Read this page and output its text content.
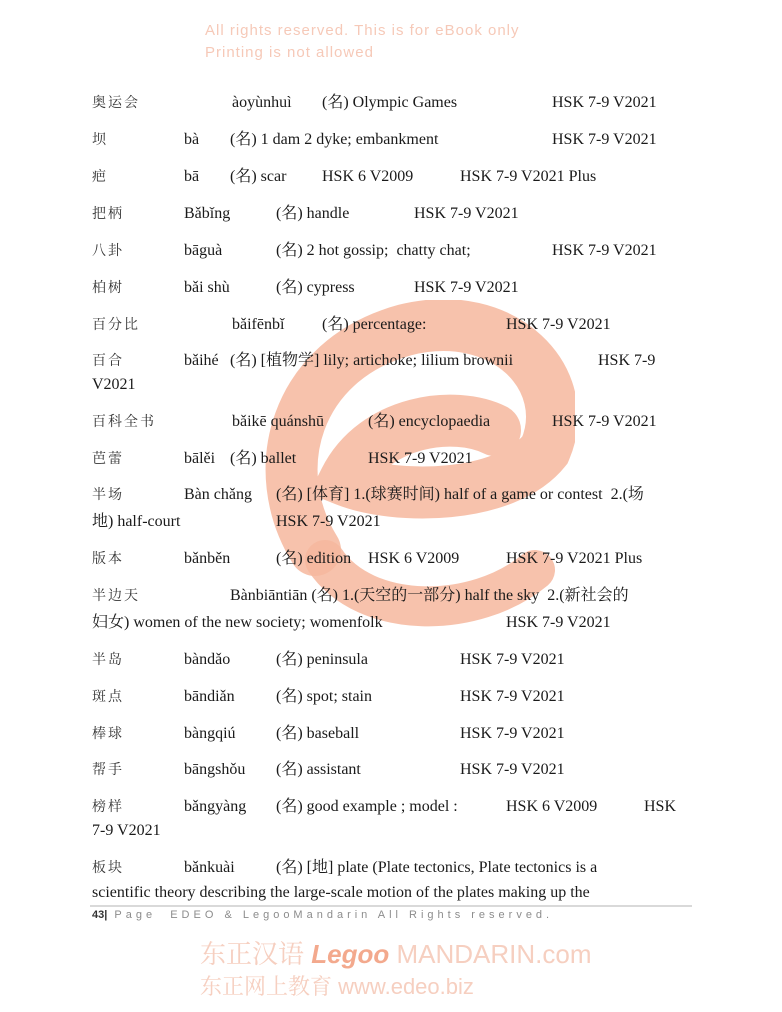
All rights reserved. This is for eBook only
Printing is not allowed
东正汉语 Legoo MANDARIN.com
东正网上教育 www.edeo.biz
奥运会	àoyùnhuì (名) Olympic Games	HSK 7-9 V2021
坝	bà (名) 1 dam 2 dyke; embankment	HSK 7-9 V2021
疤	bā (名) scar HSK 6 V2009	HSK 7-9 V2021 Plus
把柄	Bǎbǐng	(名) handle	HSK 7-9 V2021
八卦	bāguà	(名) 2 hot gossip;  chatty chat;	HSK 7-9 V2021
柏树	bǎi shù	(名) cypress	HSK 7-9 V2021
百分比	bǎifēnbǐ (名) percentage:	HSK 7-9 V2021
百合	bǎihé (名) [植物学] lily; artichoke; lilium brownii	HSK 7-9
V2021
百科全书	bǎikē quánshū	(名) encyclopaedia	HSK 7-9 V2021
芭蕾	bālěi (名) ballet	HSK 7-9 V2021
半场	Bàn chǎng (名) [体育] 1.(球赛时间) half of a game or contest  2.(场
地) half-court	HSK 7-9 V2021
版本	bǎnběn	(名) edition HSK 6 V2009	HSK 7-9 V2021 Plus
半边天	Bànbiāntiān (名) 1.(天空的一部分) half the sky  2.(新社会的
妇女) women of the new society; womenfolk	HSK 7-9 V2021
半岛	bàndǎo	(名) peninsula	HSK 7-9 V2021
斑点	bāndiǎn	(名) spot; stain	HSK 7-9 V2021
棒球	bàngqiú	(名) baseball	HSK 7-9 V2021
帮手	bāngshǒu (名) assistant	HSK 7-9 V2021
榜样	bǎngyàng (名) good example ; model :	HSK 6 V2009	HSK
7-9 V2021
板块	bǎnkuài	(名) [地] plate (Plate tectonics, Plate tectonics is a
scientific theory describing the large-scale motion of the plates making up the
43| Page EDEO & LegooMandarin All Rights reserved.
